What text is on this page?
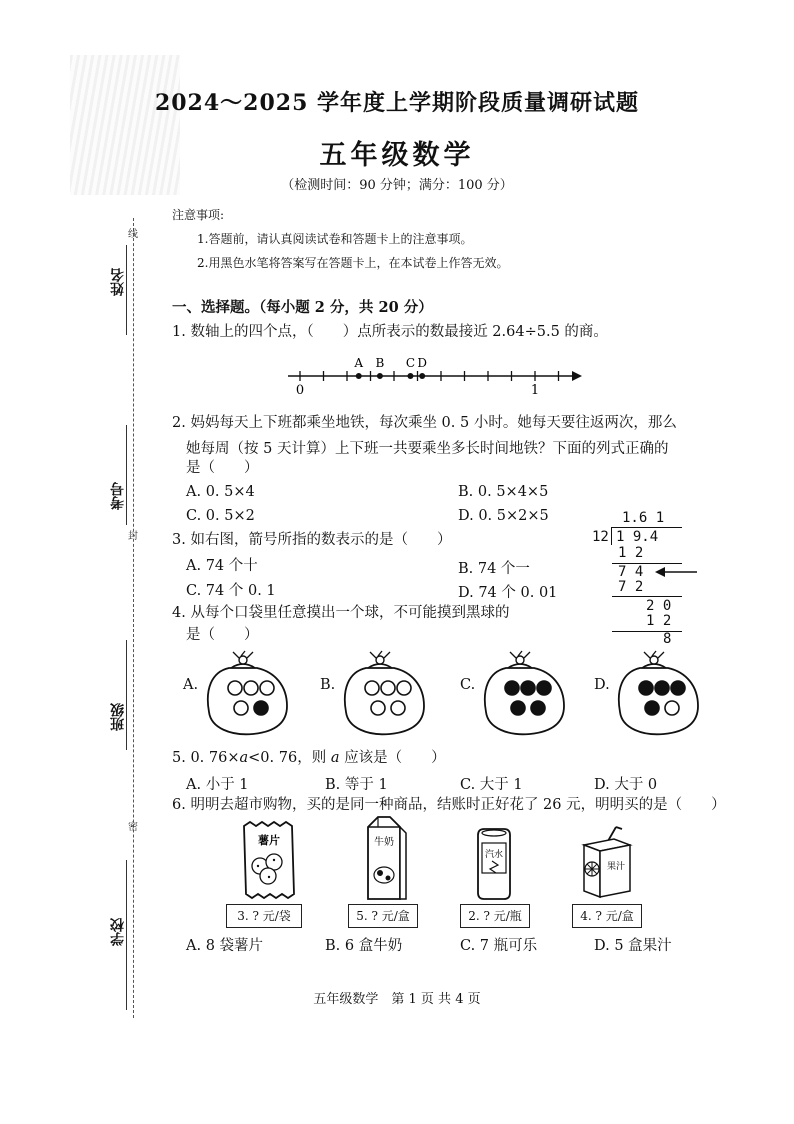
姓名
线
考号
封
班级
密
学校
2024～2025 学年度上学期阶段质量调研试题
五年级数学
（检测时间：90 分钟；满分：100 分）
注意事项:
1.答题前，请认真阅读试卷和答题卡上的注意事项。
2.用黑色水笔将答案写在答题卡上，在本试卷上作答无效。
一、选择题。（每小题 2 分，共 20 分）
1. 数轴上的四个点，（　　）点所表示的数最接近 2.64÷5.5 的商。
A B C D
0	1
2. 妈妈每天上下班都乘坐地铁，每次乘坐 0. 5 小时。她每天要往返两次，那么
她每周（按 5 天计算）上下班一共要乘坐多长时间地铁？下面的列式正确的
是（　　）
A. 0. 5×4	B. 0. 5×4×5
C. 0. 5×2	D. 0. 5×2×5
3. 如右图，箭号所指的数表示的是（　　）
A. 74 个十	B. 74 个一
C. 74 个 0. 1	D. 74 个 0. 01
1.6 1
12 1 9.4
1 2
7 4
7 2
2 0
1 2
8
4. 从每个口袋里任意摸出一个球，不可能摸到黑球的
是（　　）
A.	B.	C.	D.
5. 0. 76×a<0. 76，则 a 应该是（　　）
A. 小于 1	B. 等于 1	C. 大于 1	D. 大于 0
6. 明明去超市购物，买的是同一种商品，结账时正好花了 26 元，明明买的是（　　）
薯片	牛奶
汽水
果汁
3. ? 元/袋	5. ? 元/盒	2. ? 元/瓶	4. ? 元/盒
A. 8 袋薯片	B. 6 盒牛奶	C. 7 瓶可乐	D. 5 盒果汁
五年级数学　第 1 页 共 4 页
